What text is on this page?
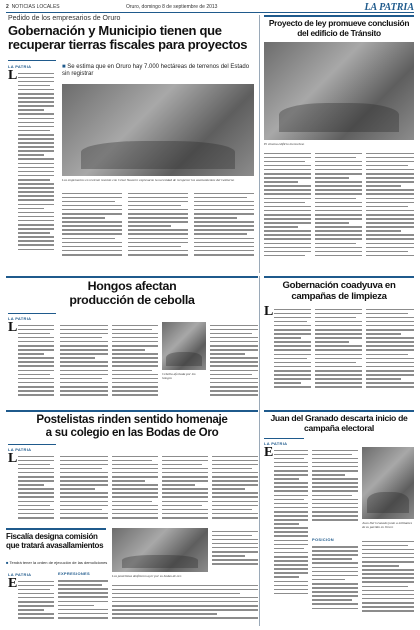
2 NOTICIAS LOCALES	Oruro, domingo 8 de septiembre de 2013	LA PATRIA
Pedido de los empresarios de Oruro
Gobernación y Municipio tienen que
recuperar tierras fiscales para proyectos
LA PATRIA
L
■ Se estima que en Oruro hay 7.000 hectáreas de terrenos del Estado sin registrar
Los empresarios en reciente reunión con César Navarro expresaron la necesidad de recuperar los asentamientos del Gobierno
Proyecto de ley promueve conclusión del edificio de Tránsito
El cinema edificio inconcluso
Gobernación coadyuva en campañas de limpieza
L
Hongos afectan
producción de cebolla
LA PATRIA
L
Cebolla afectada por los hongos
Postelistas rinden sentido homenaje
a su colegio en las Bodas de Oro
LA PATRIA
L
Los postelistas desfilaron ayer por su bodas de oro
Fiscalía designa comisión que tratará avasallamientos
■ Tendrá tener la orden de ejecución de las demoliciones
LA PATRIA
E
EXPRESIONES
Juan del Granado descarta inicio de campaña electoral
LA PATRIA
E
Juan Del Granado junto a militantes de su partido en Oruro
POSICIÓN
